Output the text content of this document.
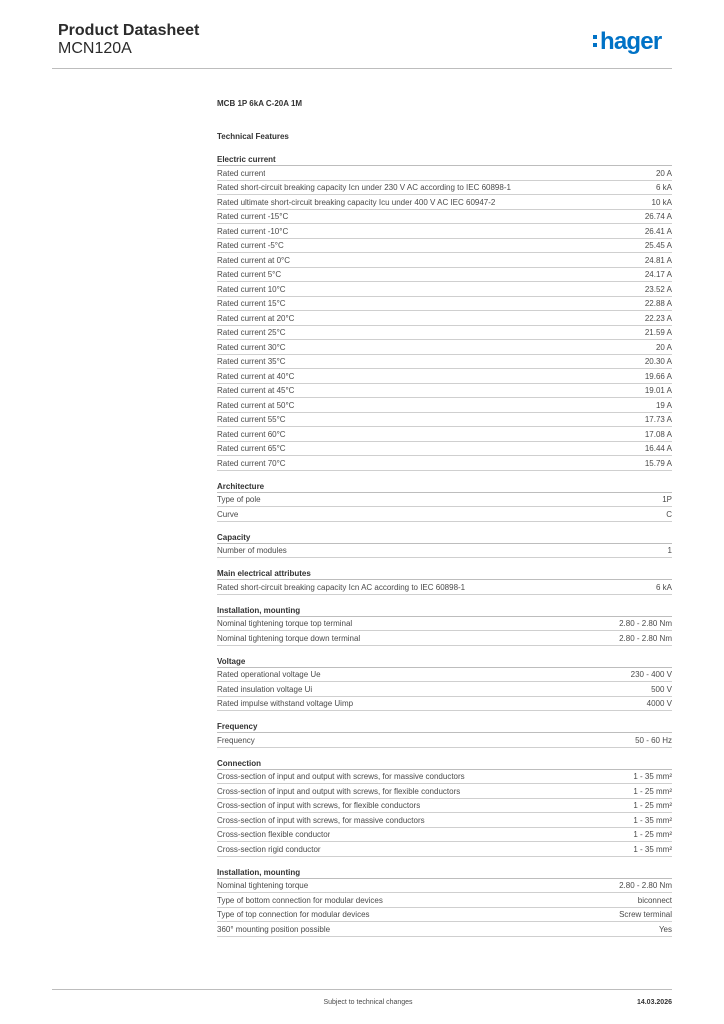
Product Datasheet
MCN120A	hager
MCB 1P 6kA C-20A 1M
Technical Features
Electric current
Rated current	20 A
Rated short-circuit breaking capacity Icn under 230 V AC according to IEC 60898-1	6 kA
Rated ultimate short-circuit breaking capacity Icu under 400 V AC IEC 60947-2	10 kA
Rated current -15°C	26.74 A
Rated current -10°C	26.41 A
Rated current -5°C	25.45 A
Rated current at 0°C	24.81 A
Rated current 5°C	24.17 A
Rated current 10°C	23.52 A
Rated current 15°C	22.88 A
Rated current at 20°C	22.23 A
Rated current 25°C	21.59 A
Rated current 30°C	20 A
Rated current 35°C	20.30 A
Rated current at 40°C	19.66 A
Rated current at 45°C	19.01 A
Rated current at 50°C	19 A
Rated current 55°C	17.73 A
Rated current 60°C	17.08 A
Rated current 65°C	16.44 A
Rated current 70°C	15.79 A
Architecture
Type of pole	1P
Curve	C
Capacity
Number of modules	1
Main electrical attributes
Rated short-circuit breaking capacity Icn AC according to IEC 60898-1	6 kA
Installation, mounting
Nominal tightening torque top terminal	2.80 - 2.80 Nm
Nominal tightening torque down terminal	2.80 - 2.80 Nm
Voltage
Rated operational voltage Ue	230 - 400 V
Rated insulation voltage Ui	500 V
Rated impulse withstand voltage Uimp	4000 V
Frequency
Frequency	50 - 60 Hz
Connection
Cross-section of input and output with screws, for massive conductors	1 - 35 mm²
Cross-section of input and output with screws, for flexible conductors	1 - 25 mm²
Cross-section of input with screws, for flexible conductors	1 - 25 mm²
Cross-section of input with screws, for massive conductors	1 - 35 mm²
Cross-section flexible conductor	1 - 25 mm²
Cross-section rigid conductor	1 - 35 mm²
Installation, mounting
Nominal tightening torque	2.80 - 2.80 Nm
Type of bottom connection for modular devices	biconnect
Type of top connection for modular devices	Screw terminal
360° mounting position possible	Yes
Subject to technical changes	14.03.2026
